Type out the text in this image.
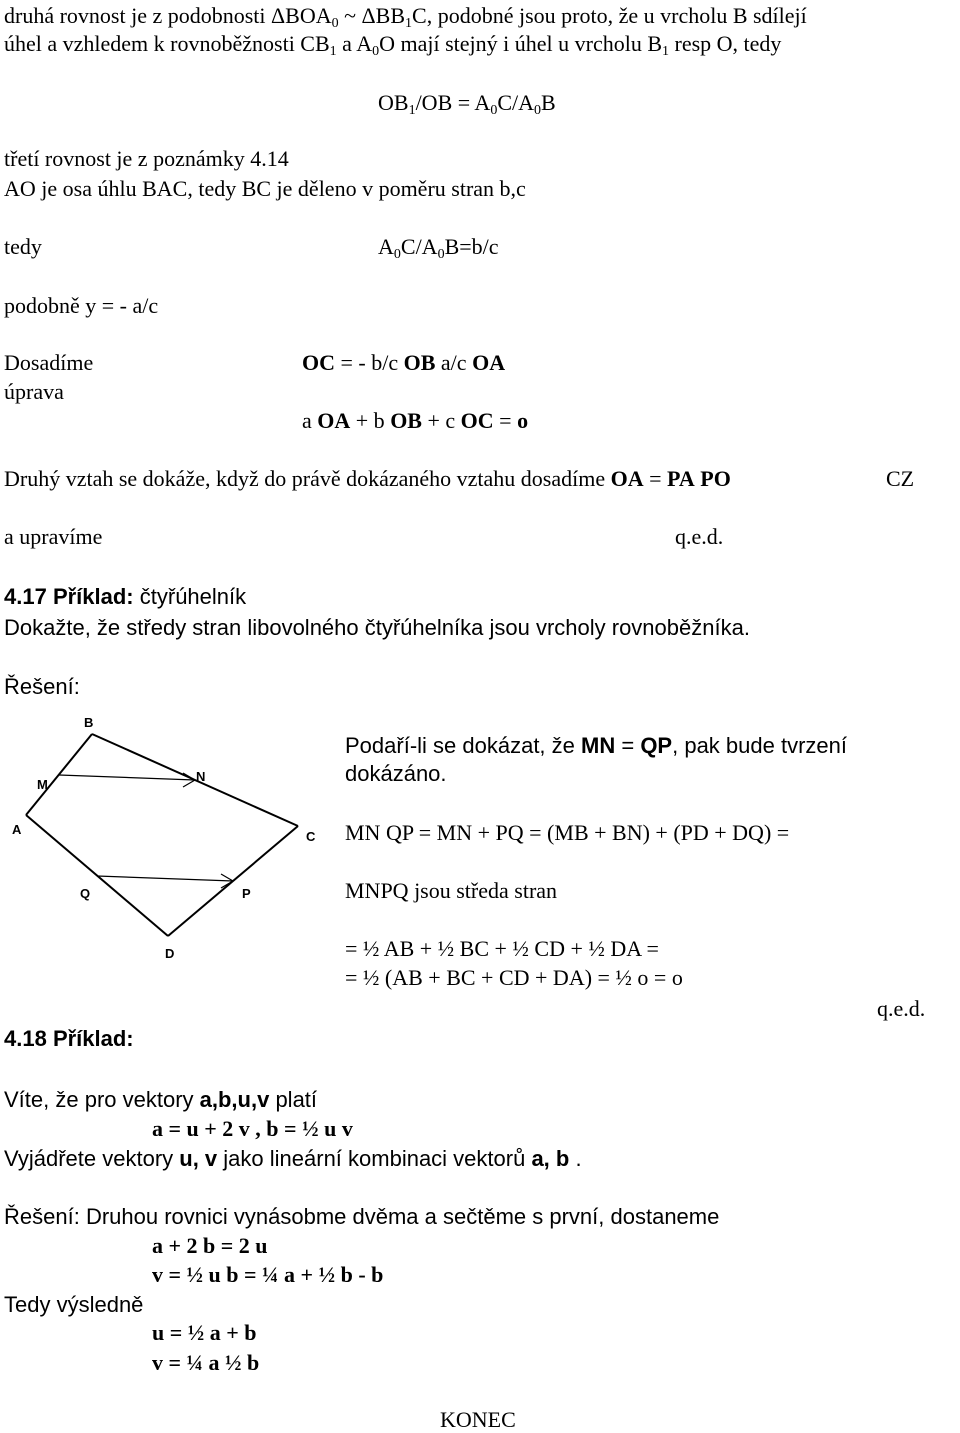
druhá rovnost je z podobnosti ΔBOA0 ~ ΔBB1C, podobné jsou proto, že u vrcholu B sdílejí
úhel a vzhledem k rovnoběžnosti CB1 a A0O mají stejný i úhel u vrcholu B1 resp O, tedy
OB1/OB = A0C/A0B
třetí rovnost je z poznámky 4.14
AO je osa úhlu BAC, tedy BC je děleno v poměru stran b,c
tedy	A0C/A0B=b/c
podobně y = - a/c
Dosadíme
úprava
OC = - b/c OB a/c OA
a OA + b OB + c OC = o
Druhý vztah se dokáže, když do právě dokázaného vztahu dosadíme OA = PA PO	CZ
a upravíme	q.e.d.
4.17 Příklad: čtyřúhelník
Dokažte, že středy stran libovolného čtyřúhelníka jsou vrcholy rovnoběžníka.
Řešení:
B
M
N
A	C
Q	P
D
Podaří-li se dokázat, že MN = QP, pak bude tvrzení
dokázáno.
MN QP = MN + PQ = (MB + BN) + (PD + DQ) =
MNPQ jsou středa stran
= ½ AB + ½ BC + ½ CD + ½ DA =
= ½ (AB + BC + CD + DA) = ½ o = o
q.e.d.
4.18 Příklad:
Víte, že pro vektory a,b,u,v platí
a = u + 2 v , b = ½ u v
Vyjádřete vektory u, v jako lineární kombinaci vektorů a, b .
Řešení: Druhou rovnici vynásobme dvěma a sečtěme s první, dostaneme
a + 2 b = 2 u
v = ½ u b = ¼ a + ½ b - b
Tedy výsledně
u = ½ a + b
v = ¼ a ½ b
KONEC
